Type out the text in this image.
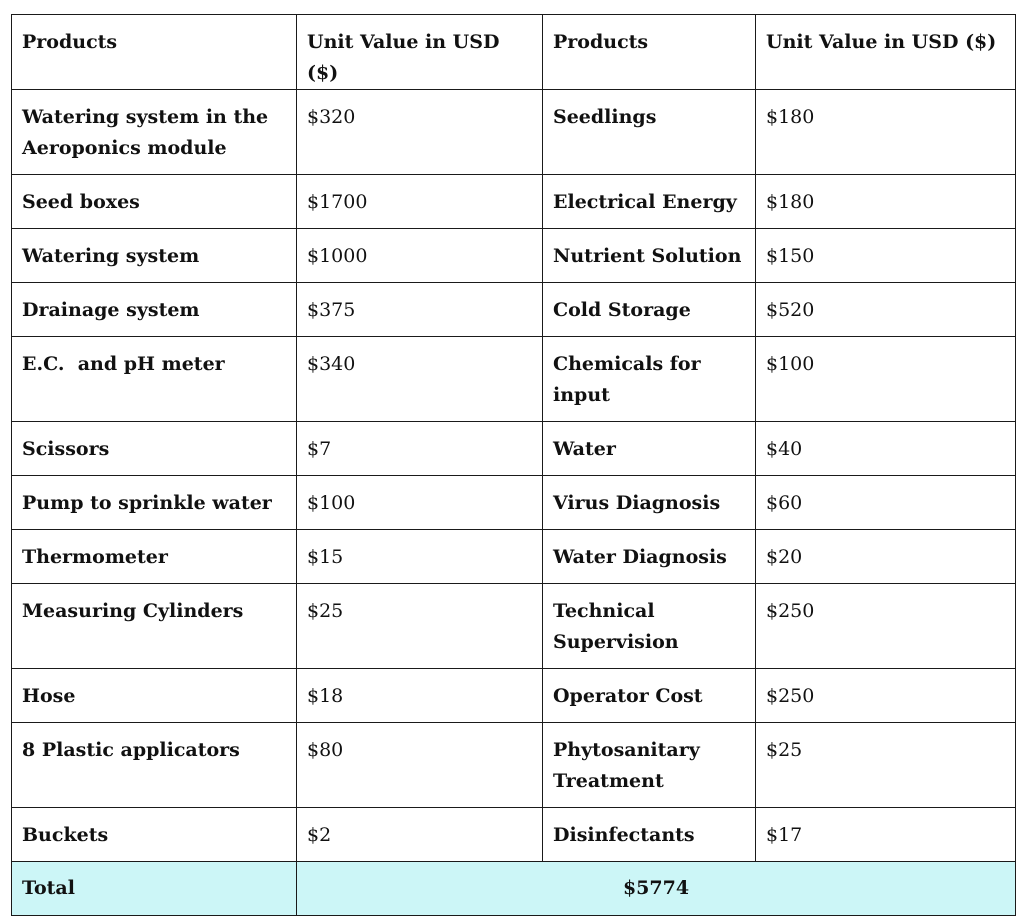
Products	Unit Value in USD ($)	Products	Unit Value in USD ($)
Watering system in the Aeroponics module	$320	Seedlings	$180
Seed boxes	$1700	Electrical Energy	$180
Watering system	$1000	Nutrient Solution	$150
Drainage system	$375	Cold Storage	$520
E.C.  and pH meter	$340	Chemicals for input	$100
Scissors	$7	Water	$40
Pump to sprinkle water	$100	Virus Diagnosis	$60
Thermometer	$15	Water Diagnosis	$20
Measuring Cylinders	$25	Technical Supervision	$250
Hose	$18	Operator Cost	$250
8 Plastic applicators	$80	Phytosanitary Treatment	$25
Buckets	$2	Disinfectants	$17
Total	$5774		
